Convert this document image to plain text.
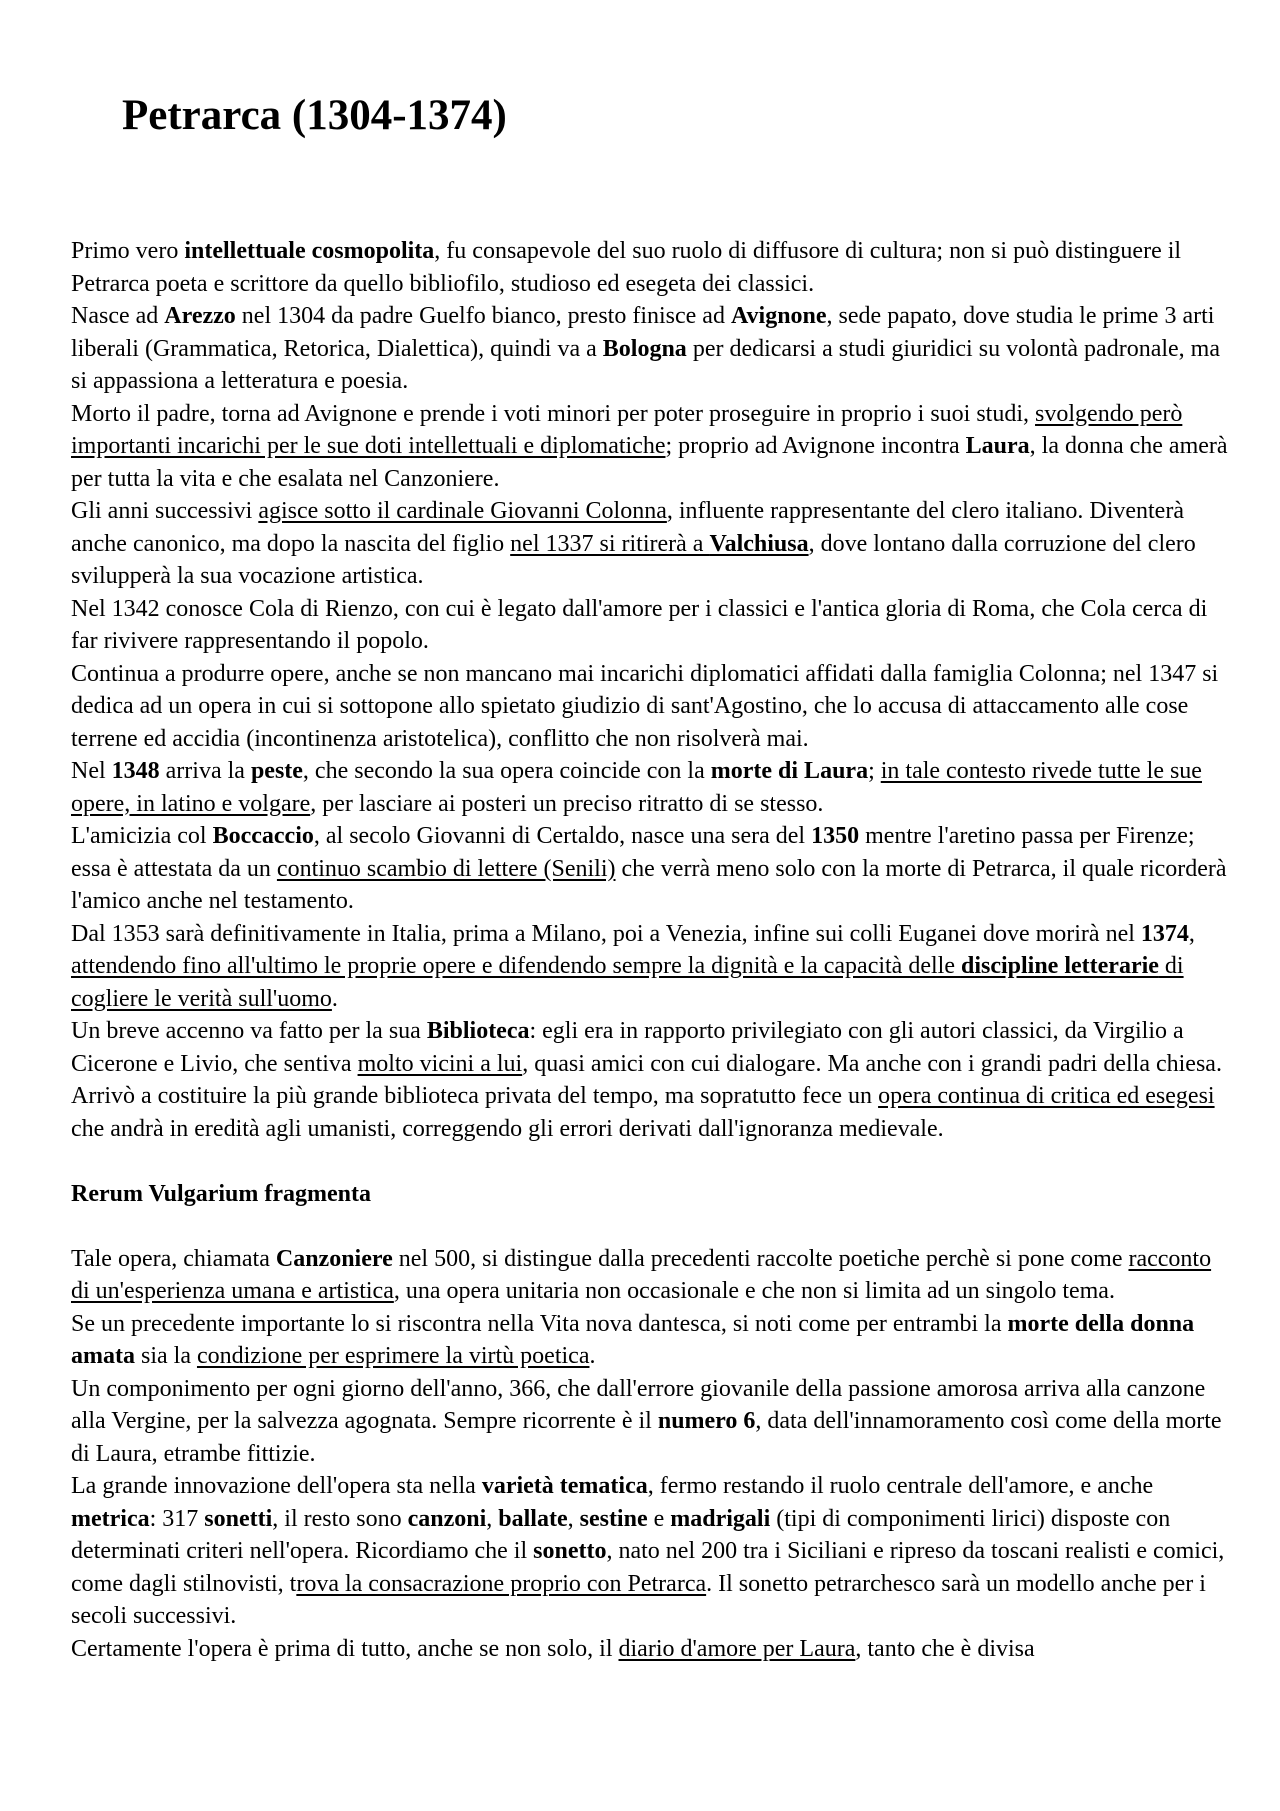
Petrarca (1304-1374)

Primo vero intellettuale cosmopolita, fu consapevole del suo ruolo di diffusore di cultura; non si può distinguere il Petrarca poeta e scrittore da quello bibliofilo, studioso ed esegeta dei classici.

Nasce ad Arezzo nel 1304 da padre Guelfo bianco, presto finisce ad Avignone, sede papato, dove studia le prime 3 arti liberali (Grammatica, Retorica, Dialettica), quindi va a Bologna per dedicarsi a studi giuridici su volontà padronale, ma si appassiona a letteratura e poesia.

Morto il padre, torna ad Avignone e prende i voti minori per poter proseguire in proprio i suoi studi, svolgendo però importanti incarichi per le sue doti intellettuali e diplomatiche; proprio ad Avignone incontra Laura, la donna che amerà per tutta la vita e che esalata nel Canzoniere.

Gli anni successivi agisce sotto il cardinale Giovanni Colonna, influente rappresentante del clero italiano. Diventerà anche canonico, ma dopo la nascita del figlio nel 1337 si ritirerà a Valchiusa, dove lontano dalla corruzione del clero svilupperà la sua vocazione artistica.

Nel 1342 conosce Cola di Rienzo, con cui è legato dall'amore per i classici e l'antica gloria di Roma, che Cola cerca di far rivivere rappresentando il popolo.

Continua a produrre opere, anche se non mancano mai incarichi diplomatici affidati dalla famiglia Colonna; nel 1347 si dedica ad un opera in cui si sottopone allo spietato giudizio di sant'Agostino, che lo accusa di attaccamento alle cose terrene ed accidia (incontinenza aristotelica), conflitto che non risolverà mai.

Nel 1348 arriva la peste, che secondo la sua opera coincide con la morte di Laura; in tale contesto rivede tutte le sue opere, in latino e volgare, per lasciare ai posteri un preciso ritratto di se stesso.

L'amicizia col Boccaccio, al secolo Giovanni di Certaldo, nasce una sera del 1350 mentre l'aretino passa per Firenze; essa è attestata da un continuo scambio di lettere (Senili) che verrà meno solo con la morte di Petrarca, il quale ricorderà l'amico anche nel testamento.

Dal 1353 sarà definitivamente in Italia, prima a Milano, poi a Venezia, infine sui colli Euganei dove morirà nel 1374, attendendo fino all'ultimo le proprie opere e difendendo sempre la dignità e la capacità delle discipline letterarie di cogliere le verità sull'uomo.

Un breve accenno va fatto per la sua Biblioteca: egli era in rapporto privilegiato con gli autori classici, da Virgilio a Cicerone e Livio, che sentiva molto vicini a lui, quasi amici con cui dialogare. Ma anche con i grandi padri della chiesa. Arrivò a costituire la più grande biblioteca privata del tempo, ma sopratutto fece un opera continua di critica ed esegesi che andrà in eredità agli umanisti, correggendo gli errori derivati dall'ignoranza medievale.

Rerum Vulgarium fragmenta

Tale opera, chiamata Canzoniere nel 500, si distingue dalla precedenti raccolte poetiche perchè si pone come racconto di un'esperienza umana e artistica, una opera unitaria non occasionale e che non si limita ad un singolo tema.

Se un precedente importante lo si riscontra nella Vita nova dantesca, si noti come per entrambi la morte della donna amata sia la condizione per esprimere la virtù poetica.

Un componimento per ogni giorno dell'anno, 366, che dall'errore giovanile della passione amorosa arriva alla canzone alla Vergine, per la salvezza agognata. Sempre ricorrente è il numero 6, data dell'innamoramento così come della morte di Laura, etrambe fittizie.

La grande innovazione dell'opera sta nella varietà tematica, fermo restando il ruolo centrale dell'amore, e anche metrica: 317 sonetti, il resto sono canzoni, ballate, sestine e madrigali (tipi di componimenti lirici) disposte con determinati criteri nell'opera. Ricordiamo che il sonetto, nato nel 200 tra i Siciliani e ripreso da toscani realisti e comici, come dagli stilnovisti, trova la consacrazione proprio con Petrarca. Il sonetto petrarchesco sarà un modello anche per i secoli successivi.

Certamente l'opera è prima di tutto, anche se non solo, il diario d'amore per Laura, tanto che è divisa
